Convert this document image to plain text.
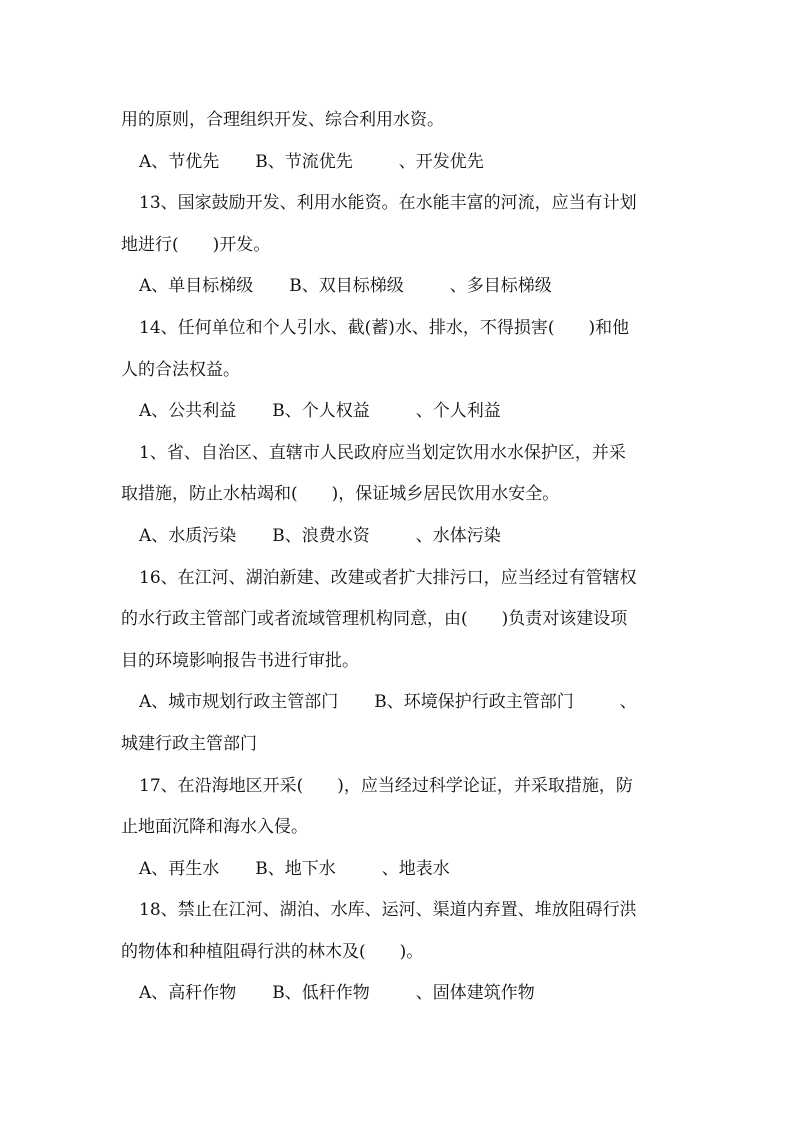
用的原则，合理组织开发、综合利用水资。
A、节优先 B、节流优先	、开发优先
13、国家鼓励开发、利用水能资。在水能丰富的河流，应当有计划
地进行(　　)开发。
A、单目标梯级 B、双目标梯级	、多目标梯级
14、任何单位和个人引水、截(蓄)水、排水，不得损害(　　)和他
人的合法权益。
A、公共利益 B、个人权益	、个人利益
1、省、自治区、直辖市人民政府应当划定饮用水水保护区，并采
取措施，防止水枯竭和(　　)，保证城乡居民饮用水安全。
A、水质污染 B、浪费水资	、水体污染
16、在江河、湖泊新建、改建或者扩大排污口，应当经过有管辖权
的水行政主管部门或者流域管理机构同意，由(　　)负责对该建设项
目的环境影响报告书进行审批。
A、城市规划行政主管部门 B、环境保护行政主管部门	、
城建行政主管部门
17、在沿海地区开采(　　)，应当经过科学论证，并采取措施，防
止地面沉降和海水入侵。
A、再生水 B、地下水	、地表水
18、禁止在江河、湖泊、水库、运河、渠道内弃置、堆放阻碍行洪
的物体和种植阻碍行洪的林木及(　　)。
A、高秆作物 B、低秆作物	、固体建筑作物
